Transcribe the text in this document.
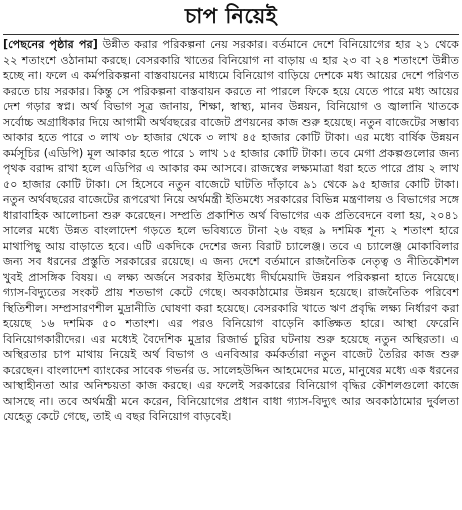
চাপ নিয়েই

[পেছনের পৃষ্ঠার পর] উন্নীত করার পরিকল্পনা নেয় সরকার। বর্তমানে দেশে বিনিয়োগের হার ২১ থেকে ২২ শতাংশে ওঠানামা করছে। বেসরকারি খাতের বিনিয়োগ না বাড়ায় এ হার ২৩ বা ২৪ শতাংশে উন্নীত হচ্ছে না। ফলে এ কর্মপরিকল্পনা বাস্তবায়নের মাধ্যমে বিনিয়োগ বাড়িয়ে দেশকে মধ্য আয়ের দেশে পরিণত করতে চায় সরকার। কিন্তু সে পরিকল্পনা বাস্তবায়ন করতে না পারলে ফিকে হয়ে যেতে পারে মধ্য আয়ের দেশ গড়ার স্বপ্ন। অর্থ বিভাগ সূত্র জানায়, শিক্ষা, স্বাস্থ্য, মানব উন্নয়ন, বিনিয়োগ ও জ্বালানি খাতকে সর্বোচ্চ অগ্রাধিকার দিয়ে আগামী অর্থবছরের বাজেট প্রণয়নের কাজ শুরু হয়েছে। নতুন বাজেটের সম্ভাব্য আকার হতে পারে ৩ লাখ ৩৮ হাজার থেকে ৩ লাখ ৪৫ হাজার কোটি টাকা। এর মধ্যে বার্ষিক উন্নয়ন কর্মসূচির (এডিপি) মূল আকার হতে পারে ১ লাখ ১৫ হাজার কোটি টাকা। তবে মেগা প্রকল্পগুলোর জন্য পৃথক বরাদ্দ রাখা হলে এডিপির এ আকার কম আসবে। রাজস্বের লক্ষ্যমাত্রা ধরা হতে পারে প্রায় ২ লাখ ৫০ হাজার কোটি টাকা। সে হিসেবে নতুন বাজেটে ঘাটতি দাঁড়াবে ৯১ থেকে ৯৫ হাজার কোটি টাকা। নতুন অর্থবছরের বাজেটের রূপরেখা নিয়ে অর্থমন্ত্রী ইতিমধ্যে সরকারের বিভিন্ন মন্ত্রণালয় ও বিভাগের সঙ্গে ধারাবাহিক আলোচনা শুরু করেছেন। সম্প্রতি প্রকাশিত অর্থ বিভাগের এক প্রতিবেদনে বলা হয়, ২০৪১ সালের মধ্যে উন্নত বাংলাদেশ গড়তে হলে ভবিষ্যতে টানা ২৬ বছর ৯ দশমিক শূন্য ২ শতাংশ হারে মাথাপিছু আয় বাড়াতে হবে। এটি একদিকে দেশের জন্য বিরাট চ্যালেঞ্জ। তবে এ চ্যালেঞ্জ মোকাবিলার জন্য সব ধরনের প্রস্তুতি সরকারের রয়েছে। এ জন্য দেশে বর্তমানে রাজনৈতিক নেতৃত্ব ও নীতিকৌশল খুবই প্রাসঙ্গিক বিষয়। এ লক্ষ্য অর্জনে সরকার ইতিমধ্যে দীর্ঘমেয়াদি উন্নয়ন পরিকল্পনা হাতে নিয়েছে। গ্যাস-বিদ্যুতের সংকট প্রায় শতভাগ কেটে গেছে। অবকাঠামোর উন্নয়ন হয়েছে। রাজনৈতিক পরিবেশ স্থিতিশীল। সম্প্রসারণশীল মুদ্রানীতি ঘোষণা করা হয়েছে। বেসরকারি খাতে ঋণ প্রবৃদ্ধি লক্ষ্য নির্ধারণ করা হয়েছে ১৬ দশমিক ৫০ শতাংশ। এর পরও বিনিয়োগ বাড়েনি কাঙ্ক্ষিত হারে। আস্থা ফেরেনি বিনিয়োগকারীদের। এর মধ্যেই বৈদেশিক মুদ্রার রিজার্ভ চুরির ঘটনায় শুরু হয়েছে নতুন অস্থিরতা। এ অস্থিরতার চাপ মাথায় নিয়েই অর্থ বিভাগ ও এনবিআর কর্মকর্তারা নতুন বাজেট তৈরির কাজ শুরু করেছেন। বাংলাদেশ ব্যাংকের সাবেক গভর্নর ড. সালেহউদ্দিন আহমেদের মতে, মানুষের মধ্যে এক ধরনের আস্থাহীনতা আর অনিশ্চয়তা কাজ করছে। এর ফলেই সরকারের বিনিয়োগ বৃদ্ধির কৌশলগুলো কাজে আসছে না। তবে অর্থমন্ত্রী মনে করেন, বিনিয়োগের প্রধান বাধা গ্যাস-বিদ্যুৎ আর অবকাঠামোর দুর্বলতা যেহেতু কেটে গেছে, তাই এ বছর বিনিয়োগ বাড়বেই।
